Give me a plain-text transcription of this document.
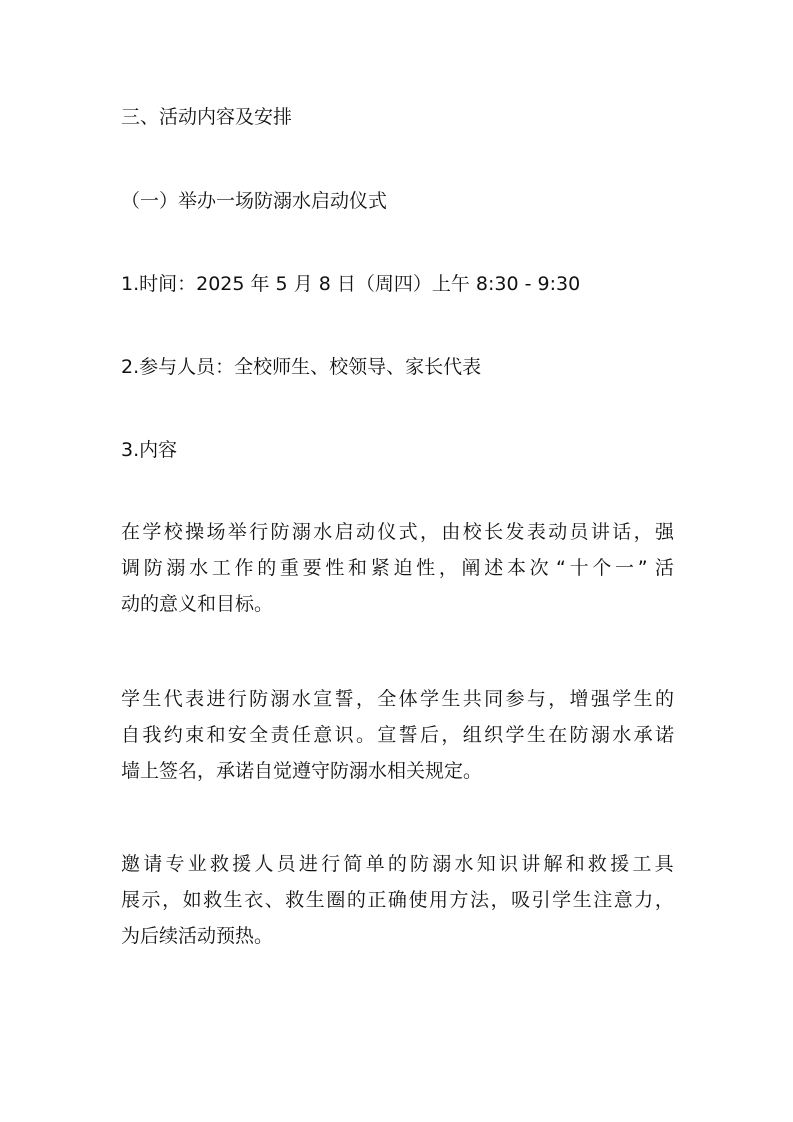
三、活动内容及安排

（一）举办一场防溺水启动仪式

1.时间：2025 年 5 月 8 日（周四）上午 8:30 - 9:30

2.参与人员：全校师生、校领导、家长代表

3.内容

在 学 校 操 场 举 行 防 溺 水 启 动 仪 式 ， 由 校 长 发 表 动 员 讲 话 ， 强

调 防 溺 水 工 作 的 重 要 性 和 紧 迫 性 ， 阐 述 本 次 “ 十 个 一 ” 活

动的意义和目标。

学 生 代 表 进 行 防 溺 水 宣 誓 ， 全 体 学 生 共 同 参 与 ， 增 强 学 生 的

自 我 约 束 和 安 全 责 任 意 识 。 宣 誓 后 ， 组 织 学 生 在 防 溺 水 承 诺

墙上签名，承诺自觉遵守防溺水相关规定。

邀 请 专 业 救 援 人 员 进 行 简 单 的 防 溺 水 知 识 讲 解 和 救 援 工 具

展 示 ， 如 救 生 衣 、 救 生 圈 的 正 确 使 用 方 法 ， 吸 引 学 生 注 意 力 ，

为后续活动预热。
